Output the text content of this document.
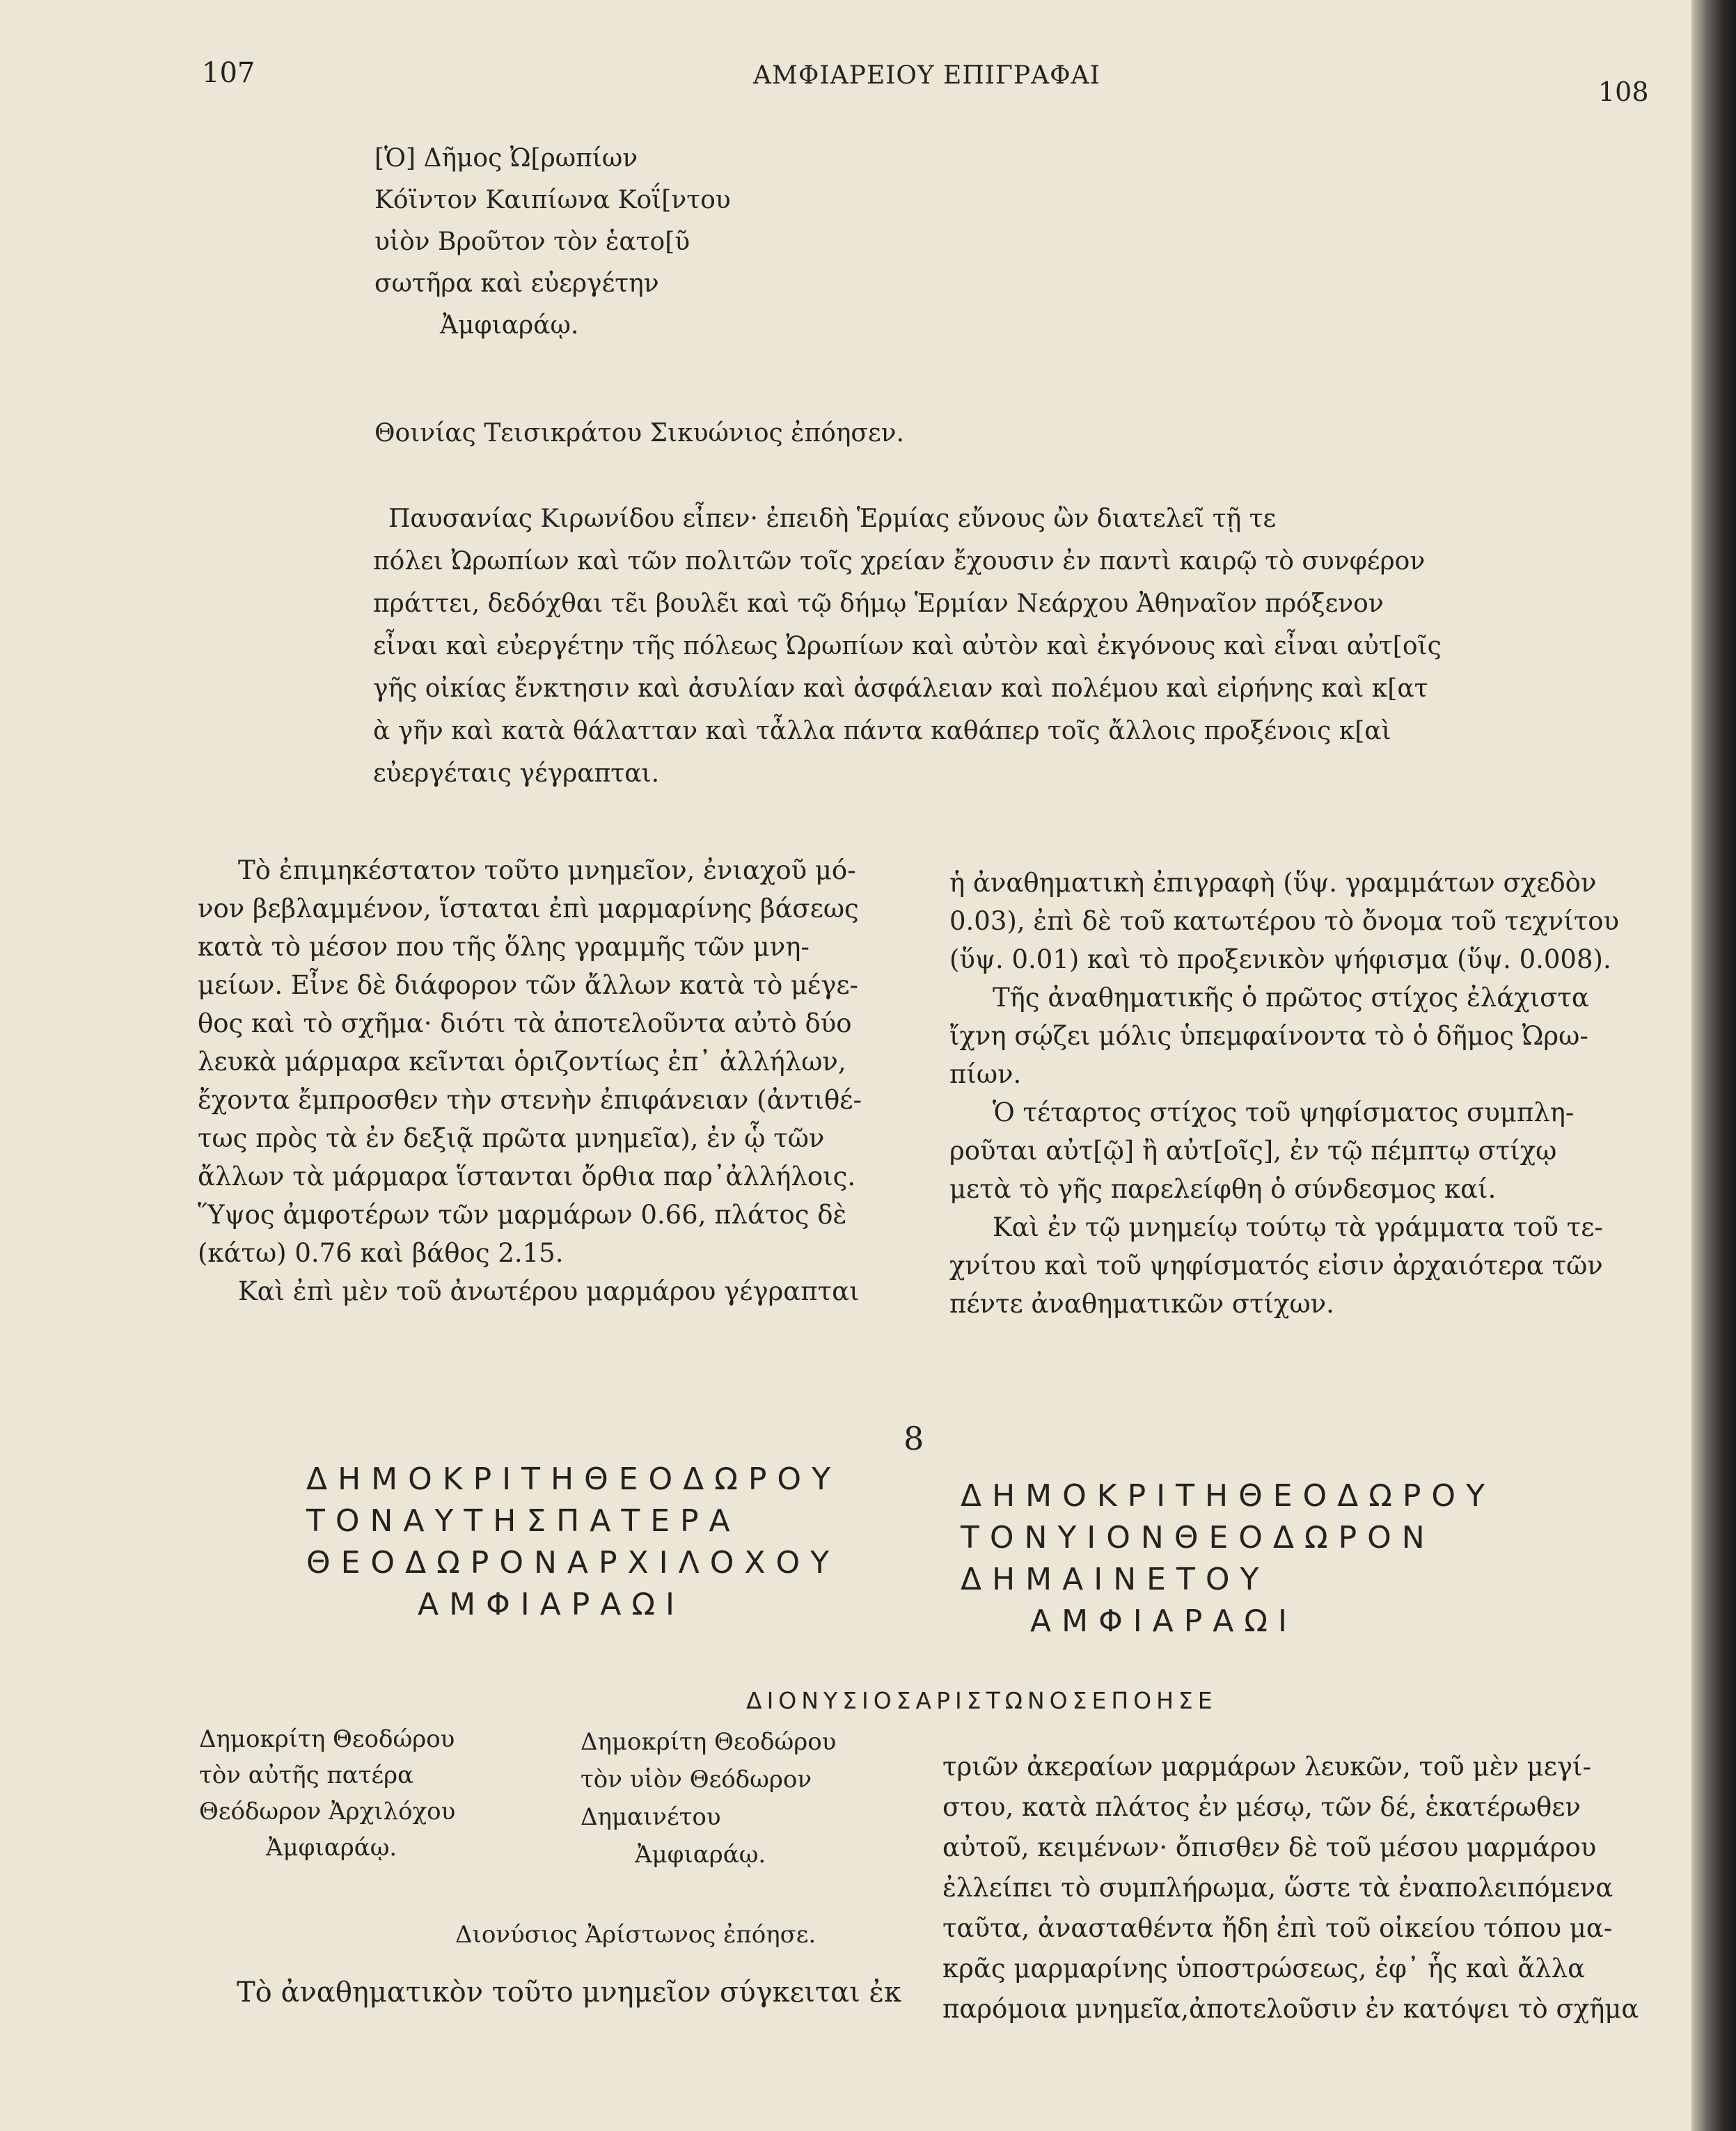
107	ΑΜΦΙΑΡΕΙΟΥ ΕΠΙΓΡΑΦΑΙ
108
[Ὁ] Δῆμος Ὠ[ρωπίων
Κόϊντον Καιπίωνα Κοΐ[ντου
υἱὸν Βροῦτον τὸν ἑατο[ῦ
σωτῆρα καὶ εὐεργέτην
Ἀμφιαράῳ.
Θοινίας Τεισικράτου Σικυώνιος ἐπόησεν.
Παυσανίας Κιρωνίδου εἶπεν· ἐπειδὴ Ἑρμίας εὔνους ὢν διατελεῖ τῇ τε
πόλει Ὠρωπίων καὶ τῶν πολιτῶν τοῖς χρείαν ἔχουσιν ἐν παντὶ καιρῷ τὸ συνφέρον
πράττει, δεδόχθαι τε̃ι βουλε̃ι καὶ τῷ δήμῳ Ἑρμίαν Νεάρχου Ἀθηναῖον πρόξενον
εἶναι καὶ εὐεργέτην τῆς πόλεως Ὠρωπίων καὶ αὐτὸν καὶ ἐκγόνους καὶ εἶναι αὐτ[οῖς
γῆς οἰκίας ἔνκτησιν καὶ ἀσυλίαν καὶ ἀσφάλειαν καὶ πολέμου καὶ εἰρήνης καὶ κ[ατ
ὰ γῆν καὶ κατὰ θάλατταν καὶ τἆλλα πάντα καθάπερ τοῖς ἄλλοις προξένοις κ[αὶ
εὐεργέταις γέγραπται.
Τὸ ἐπιμηκέστατον τοῦτο μνημεῖον, ἐνιαχοῦ μό-
νον βεβλαμμένον, ἵσταται ἐπὶ μαρμαρίνης βάσεως
κατὰ τὸ μέσον που τῆς ὅλης γραμμῆς τῶν μνη-
μείων. Εἶνε δὲ διάφορον τῶν ἄλλων κατὰ τὸ μέγε-
θος καὶ τὸ σχῆμα· διότι τὰ ἀποτελοῦντα αὐτὸ δύο
λευκὰ μάρμαρα κεῖνται ὁριζοντίως ἐπ᾽ ἀλλήλων,
ἔχοντα ἔμπροσθεν τὴν στενὴν ἐπιφάνειαν (ἀντιθέ-
τως πρὸς τὰ ἐν δεξιᾷ πρῶτα μνημεῖα), ἐν ᾧ τῶν
ἄλλων τὰ μάρμαρα ἵστανται ὄρθια παρ᾽ἀλλήλοις.
Ὕψος ἀμφοτέρων τῶν μαρμάρων 0.66, πλάτος δὲ
(κάτω) 0.76 καὶ βάθος 2.15.
Καὶ ἐπὶ μὲν τοῦ ἀνωτέρου μαρμάρου γέγραπται
ἡ ἀναθηματικὴ ἐπιγραφὴ (ὕψ. γραμμάτων σχεδὸν
0.03), ἐπὶ δὲ τοῦ κατωτέρου τὸ ὄνομα τοῦ τεχνίτου
(ὕψ. 0.01) καὶ τὸ προξενικὸν ψήφισμα (ὕψ. 0.008).
Τῆς ἀναθηματικῆς ὁ πρῶτος στίχος ἐλάχιστα
ἴχνη σῴζει μόλις ὑπεμφαίνοντα τὸ ὁ δῆμος Ὠρω-
πίων.
Ὁ τέταρτος στίχος τοῦ ψηφίσματος συμπλη-
ροῦται αὐτ[ῷ] ἢ αὐτ[οῖς], ἐν τῷ πέμπτῳ στίχῳ
μετὰ τὸ γῆς παρελείφθη ὁ σύνδεσμος καί.
Καὶ ἐν τῷ μνημείῳ τούτῳ τὰ γράμματα τοῦ τε-
χνίτου καὶ τοῦ ψηφίσματός εἰσιν ἀρχαιότερα τῶν
πέντε ἀναθηματικῶν στίχων.
8
ΔΗΜΟΚΡΙΤΗΘΕΟΔΩΡΟΥ
ΤΟΝΑΥΤΗΣΠΑΤΕΡΑ
ΘΕΟΔΩΡΟΝΑΡΧΙΛΟΧΟΥ
ΑΜΦΙΑΡΑΩΙ
ΔΗΜΟΚΡΙΤΗΘΕΟΔΩΡΟΥ
ΤΟΝΥΙΟΝΘΕΟΔΩΡΟΝ
ΔΗΜΑΙΝΕΤΟΥ
ΑΜΦΙΑΡΑΩΙ
ΔΙΟΝΥΣΙΟΣΑΡΙΣΤΩΝΟΣΕΠΟΗΣΕ
Δημοκρίτη Θεοδώρου
τὸν αὐτῆς πατέρα
Θεόδωρον Ἀρχιλόχου
Ἀμφιαράῳ.
Δημοκρίτη Θεοδώρου
τὸν υἱὸν Θεόδωρον
Δημαινέτου
Ἀμφιαράῳ.
Διονύσιος Ἀρίστωνος ἐπόησε.
Τὸ ἀναθηματικὸν τοῦτο μνημεῖον σύγκειται ἐκ
τριῶν ἀκεραίων μαρμάρων λευκῶν, τοῦ μὲν μεγί-
στου, κατὰ πλάτος ἐν μέσῳ, τῶν δέ, ἑκατέρωθεν
αὐτοῦ, κειμένων· ὄπισθεν δὲ τοῦ μέσου μαρμάρου
ἐλλείπει τὸ συμπλήρωμα, ὥστε τὰ ἐναπολειπόμενα
ταῦτα, ἀνασταθέντα ἤδη ἐπὶ τοῦ οἰκείου τόπου μα-
κρᾶς μαρμαρίνης ὑποστρώσεως, ἐφ᾽ ἧς καὶ ἄλλα
παρόμοια μνημεῖα,ἀποτελοῦσιν ἐν κατόψει τὸ σχῆμα
